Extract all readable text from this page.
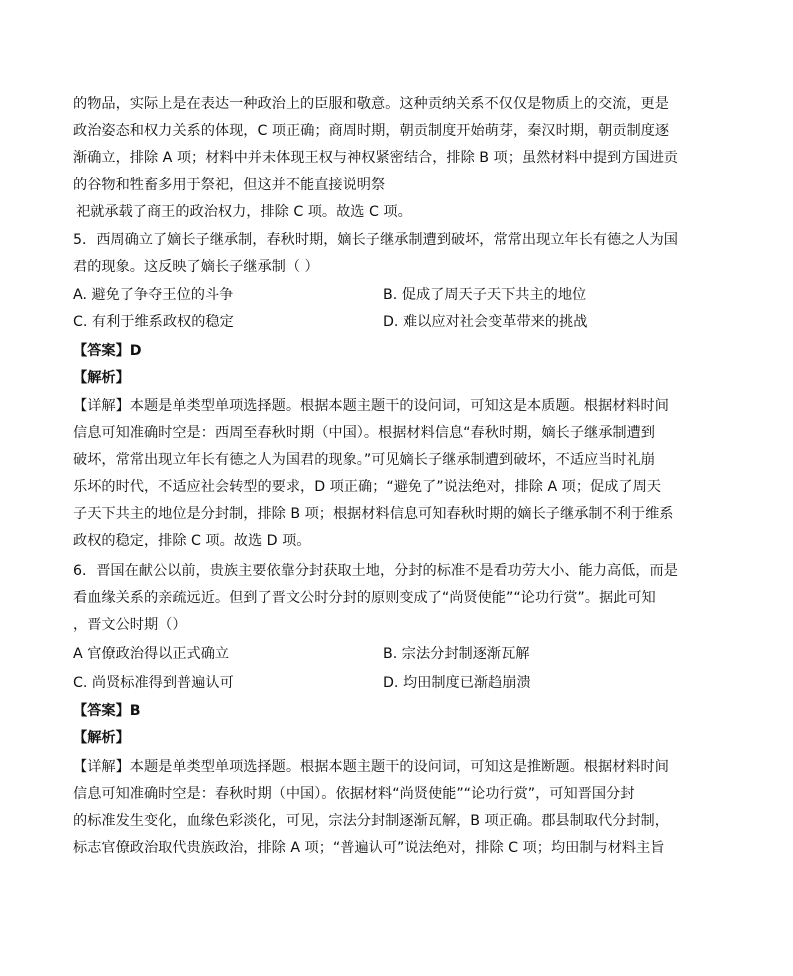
的物品，实际上是在表达一种政治上的臣服和敬意。这种贡纳关系不仅仅是物质上的交流，更是
政治姿态和权力关系的体现，C 项正确；商周时期，朝贡制度开始萌芽，秦汉时期，朝贡制度逐
渐确立，排除 A 项；材料中并未体现王权与神权紧密结合，排除 B 项；虽然材料中提到方国进贡
的谷物和牲畜多用于祭祀，但这并不能直接说明祭
祀就承载了商王的政治权力，排除 C 项。故选 C 项。
5．西周确立了嫡长子继承制，春秋时期，嫡长子继承制遭到破坏，常常出现立年长有德之人为国
君的现象。这反映了嫡长子继承制（ ）
A. 避免了争夺王位的斗争	B. 促成了周天子天下共主的地位
C. 有利于维系政权的稳定	D. 难以应对社会变革带来的挑战
【答案】D
【解析】
【详解】本题是单类型单项选择题。根据本题主题干的设问词，可知这是本质题。根据材料时间
信息可知准确时空是：西周至春秋时期（中国）。根据材料信息“春秋时期，嫡长子继承制遭到
破坏，常常出现立年长有德之人为国君的现象。”可见嫡长子继承制遭到破坏，不适应当时礼崩
乐坏的时代，不适应社会转型的要求，D 项正确；“避免了”说法绝对，排除 A 项；促成了周天
子天下共主的地位是分封制，排除 B 项；根据材料信息可知春秋时期的嫡长子继承制不利于维系
政权的稳定，排除 C 项。故选 D 项。
6．晋国在献公以前，贵族主要依靠分封获取土地，分封的标准不是看功劳大小、能力高低，而是
看血缘关系的亲疏远近。但到了晋文公时分封的原则变成了“尚贤使能”“论功行赏”。据此可知
，晋文公时期（）
A 官僚政治得以正式确立	B. 宗法分封制逐渐瓦解
C. 尚贤标准得到普遍认可	D. 均田制度已渐趋崩溃
【答案】B
【解析】
【详解】本题是单类型单项选择题。根据本题主题干的设问词，可知这是推断题。根据材料时间
信息可知准确时空是：春秋时期（中国）。依据材料“尚贤使能”“论功行赏”，可知晋国分封
的标准发生变化，血缘色彩淡化，可见，宗法分封制逐渐瓦解，B 项正确。郡县制取代分封制，
标志官僚政治取代贵族政治，排除 A 项；“普遍认可”说法绝对，排除 C 项；均田制与材料主旨
